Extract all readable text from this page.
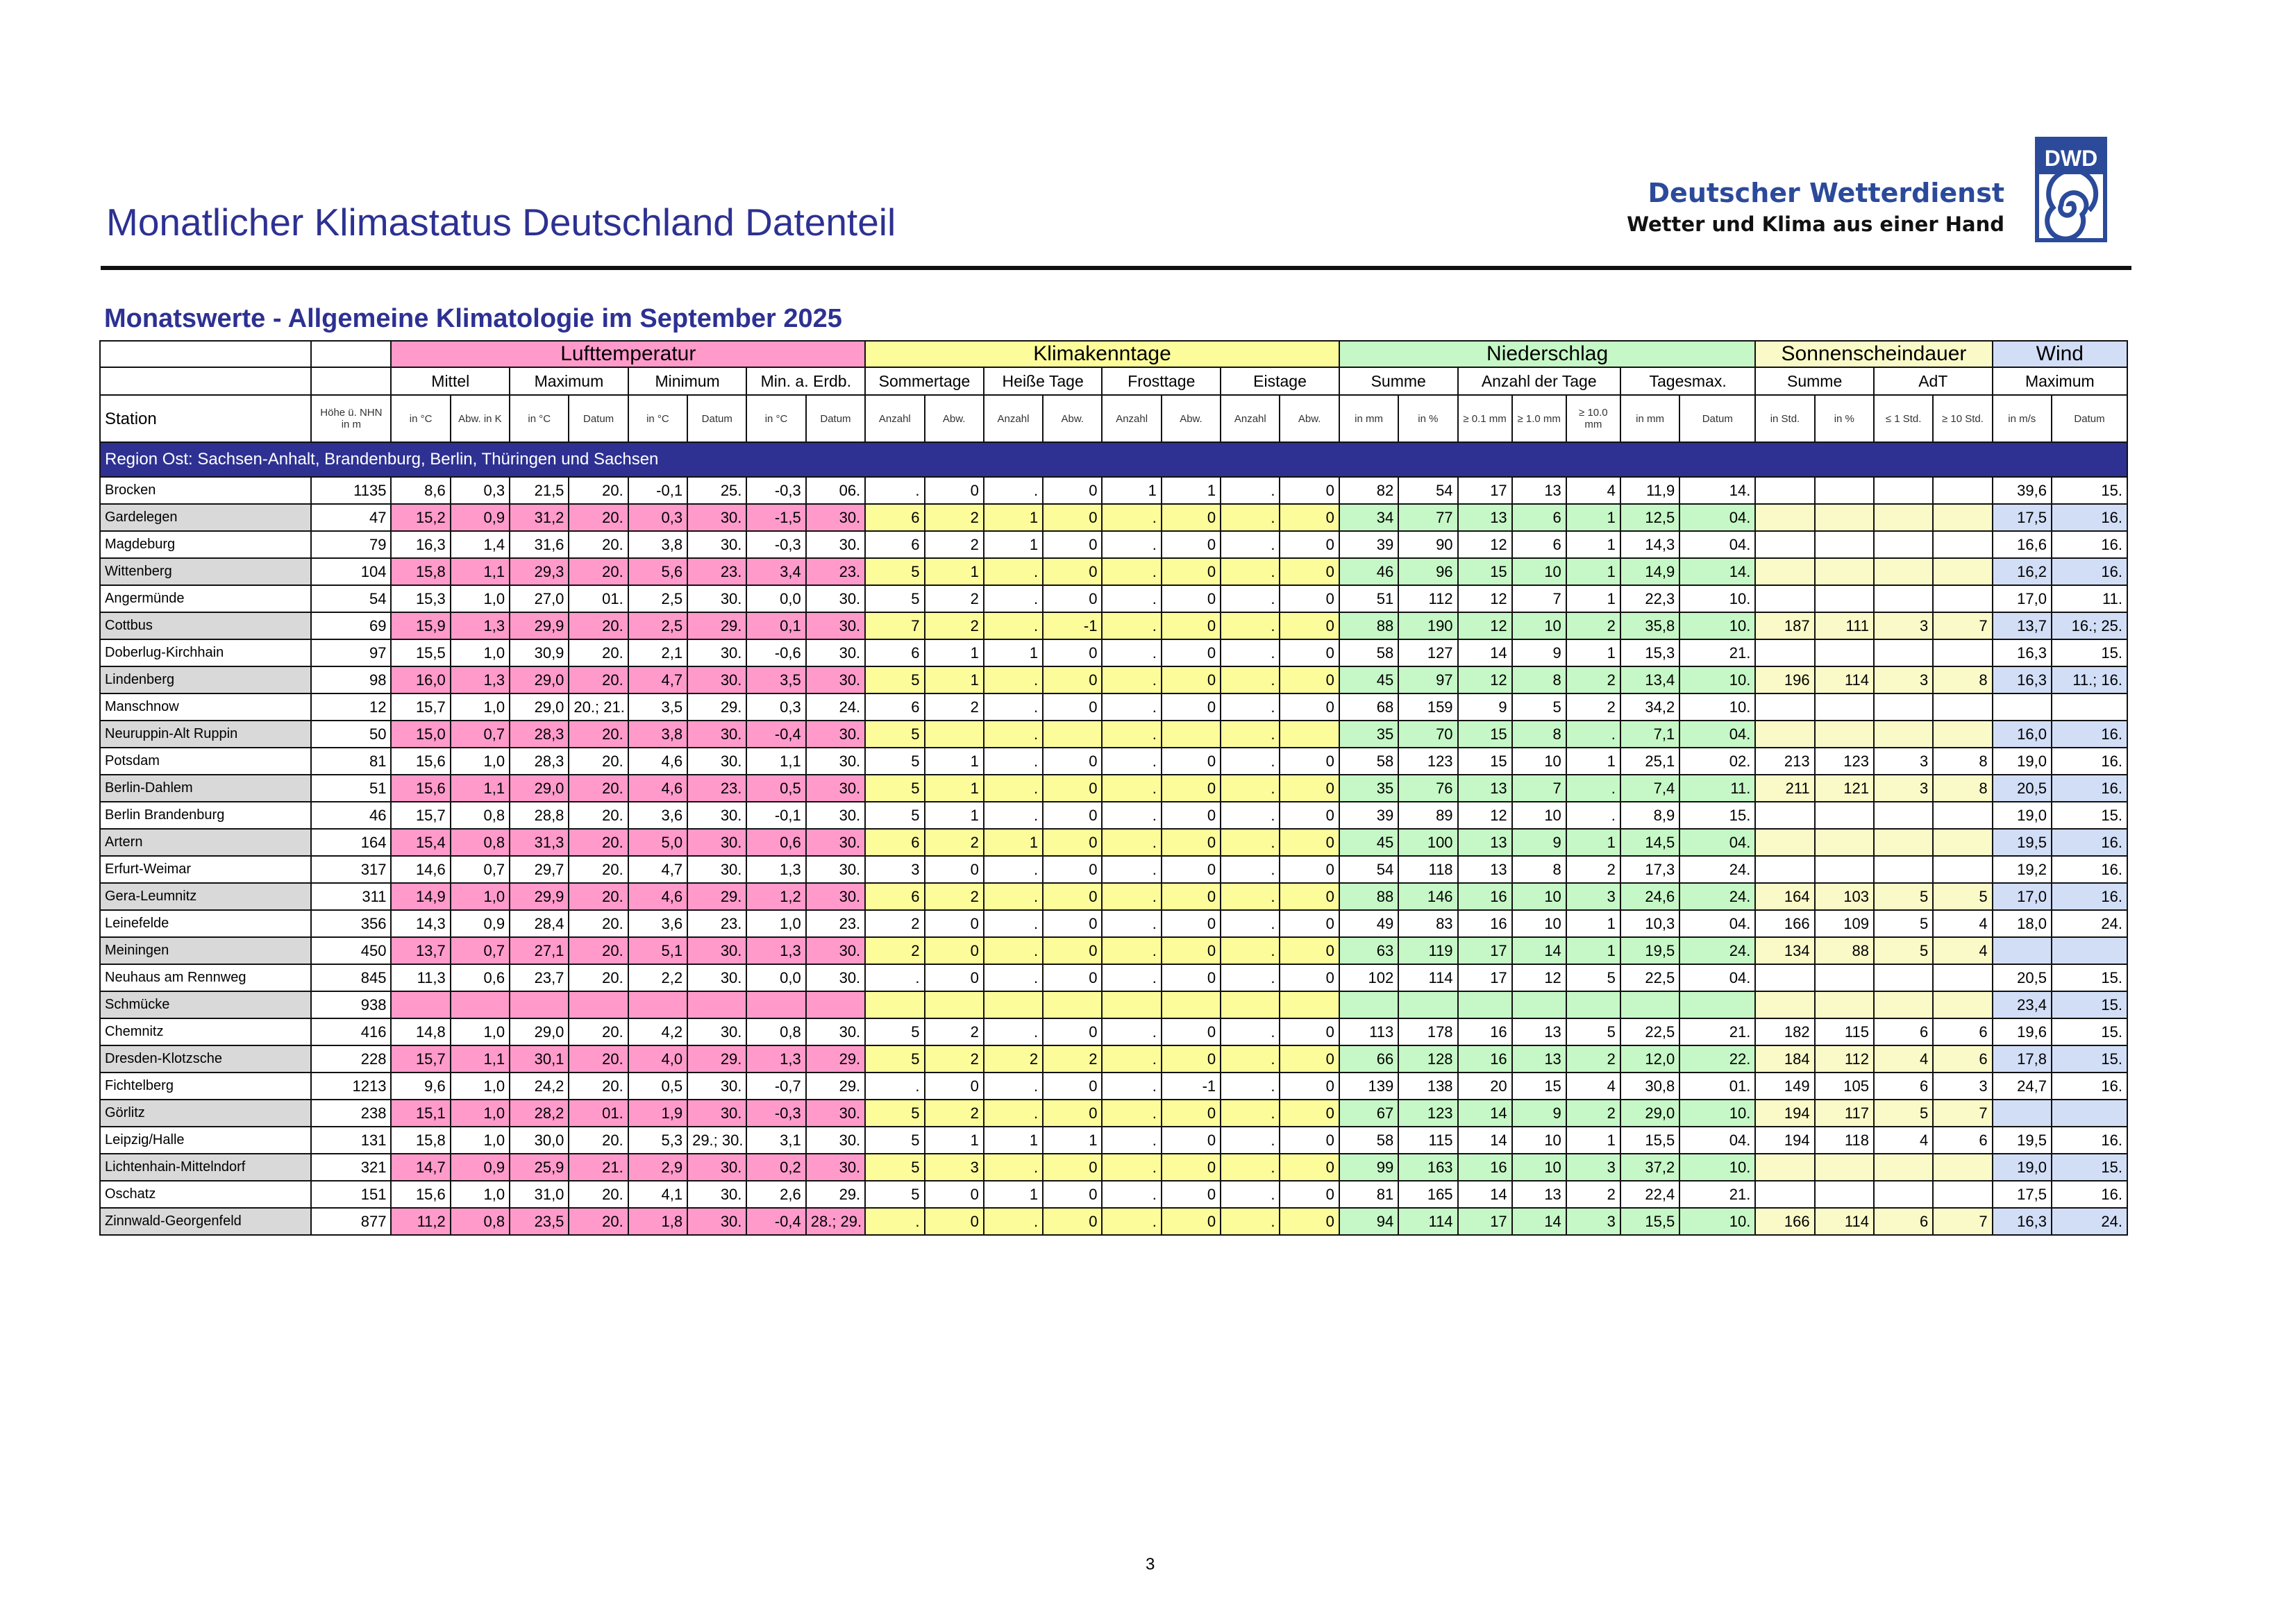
Monatlicher Klimastatus Deutschland Datenteil
Deutscher Wetterdienst
Wetter und Klima aus einer Hand
DWD
Monatswerte - Allgemeine Klimatologie im September 2025
		Lufttemperatur								Klimakenntage								Niederschlag							Sonnenscheindauer				Wind	
		Mittel		Maximum		Minimum		Min. a. Erdb.		Sommertage		Heiße Tage		Frosttage		Eistage		Summe		Anzahl der Tage			Tagesmax.		Summe		AdT		Maximum	
Station	Höhe ü. NHN in m	in °C	Abw. in K	in °C	Datum	in °C	Datum	in °C	Datum	Anzahl	Abw.	Anzahl	Abw.	Anzahl	Abw.	Anzahl	Abw.	in mm	in %	≥ 0.1 mm	≥ 1.0 mm	≥ 10.0 mm	in mm	Datum	in Std.	in %	≤ 1 Std.	≥ 10 Std.	in m/s	Datum
Region Ost: Sachsen-Anhalt, Brandenburg, Berlin, Thüringen und Sachsen																														
Brocken	1135	8,6	0,3	21,5	20.	-0,1	25.	-0,3	06.	.	0	.	0	1	1	.	0	82	54	17	13	4	11,9	14.					39,6	15.
Gardelegen	47	15,2	0,9	31,2	20.	0,3	30.	-1,5	30.	6	2	1	0	.	0	.	0	34	77	13	6	1	12,5	04.					17,5	16.
Magdeburg	79	16,3	1,4	31,6	20.	3,8	30.	-0,3	30.	6	2	1	0	.	0	.	0	39	90	12	6	1	14,3	04.					16,6	16.
Wittenberg	104	15,8	1,1	29,3	20.	5,6	23.	3,4	23.	5	1	.	0	.	0	.	0	46	96	15	10	1	14,9	14.					16,2	16.
Angermünde	54	15,3	1,0	27,0	01.	2,5	30.	0,0	30.	5	2	.	0	.	0	.	0	51	112	12	7	1	22,3	10.					17,0	11.
Cottbus	69	15,9	1,3	29,9	20.	2,5	29.	0,1	30.	7	2	.	-1	.	0	.	0	88	190	12	10	2	35,8	10.	187	111	3	7	13,7	16.; 25.
Doberlug-Kirchhain	97	15,5	1,0	30,9	20.	2,1	30.	-0,6	30.	6	1	1	0	.	0	.	0	58	127	14	9	1	15,3	21.					16,3	15.
Lindenberg	98	16,0	1,3	29,0	20.	4,7	30.	3,5	30.	5	1	.	0	.	0	.	0	45	97	12	8	2	13,4	10.	196	114	3	8	16,3	11.; 16.
Manschnow	12	15,7	1,0	29,0	20.; 21.	3,5	29.	0,3	24.	6	2	.	0	.	0	.	0	68	159	9	5	2	34,2	10.						
Neuruppin-Alt Ruppin	50	15,0	0,7	28,3	20.	3,8	30.	-0,4	30.	5		.		.		.		35	70	15	8	.	7,1	04.					16,0	16.
Potsdam	81	15,6	1,0	28,3	20.	4,6	30.	1,1	30.	5	1	.	0	.	0	.	0	58	123	15	10	1	25,1	02.	213	123	3	8	19,0	16.
Berlin-Dahlem	51	15,6	1,1	29,0	20.	4,6	23.	0,5	30.	5	1	.	0	.	0	.	0	35	76	13	7	.	7,4	11.	211	121	3	8	20,5	16.
Berlin Brandenburg	46	15,7	0,8	28,8	20.	3,6	30.	-0,1	30.	5	1	.	0	.	0	.	0	39	89	12	10	.	8,9	15.					19,0	15.
Artern	164	15,4	0,8	31,3	20.	5,0	30.	0,6	30.	6	2	1	0	.	0	.	0	45	100	13	9	1	14,5	04.					19,5	16.
Erfurt-Weimar	317	14,6	0,7	29,7	20.	4,7	30.	1,3	30.	3	0	.	0	.	0	.	0	54	118	13	8	2	17,3	24.					19,2	16.
Gera-Leumnitz	311	14,9	1,0	29,9	20.	4,6	29.	1,2	30.	6	2	.	0	.	0	.	0	88	146	16	10	3	24,6	24.	164	103	5	5	17,0	16.
Leinefelde	356	14,3	0,9	28,4	20.	3,6	23.	1,0	23.	2	0	.	0	.	0	.	0	49	83	16	10	1	10,3	04.	166	109	5	4	18,0	24.
Meiningen	450	13,7	0,7	27,1	20.	5,1	30.	1,3	30.	2	0	.	0	.	0	.	0	63	119	17	14	1	19,5	24.	134	88	5	4		
Neuhaus am Rennweg	845	11,3	0,6	23,7	20.	2,2	30.	0,0	30.	.	0	.	0	.	0	.	0	102	114	17	12	5	22,5	04.					20,5	15.
Schmücke	938																												23,4	15.
Chemnitz	416	14,8	1,0	29,0	20.	4,2	30.	0,8	30.	5	2	.	0	.	0	.	0	113	178	16	13	5	22,5	21.	182	115	6	6	19,6	15.
Dresden-Klotzsche	228	15,7	1,1	30,1	20.	4,0	29.	1,3	29.	5	2	2	2	.	0	.	0	66	128	16	13	2	12,0	22.	184	112	4	6	17,8	15.
Fichtelberg	1213	9,6	1,0	24,2	20.	0,5	30.	-0,7	29.	.	0	.	0	.	-1	.	0	139	138	20	15	4	30,8	01.	149	105	6	3	24,7	16.
Görlitz	238	15,1	1,0	28,2	01.	1,9	30.	-0,3	30.	5	2	.	0	.	0	.	0	67	123	14	9	2	29,0	10.	194	117	5	7		
Leipzig/Halle	131	15,8	1,0	30,0	20.	5,3	29.; 30.	3,1	30.	5	1	1	1	.	0	.	0	58	115	14	10	1	15,5	04.	194	118	4	6	19,5	16.
Lichtenhain-Mittelndorf	321	14,7	0,9	25,9	21.	2,9	30.	0,2	30.	5	3	.	0	.	0	.	0	99	163	16	10	3	37,2	10.					19,0	15.
Oschatz	151	15,6	1,0	31,0	20.	4,1	30.	2,6	29.	5	0	1	0	.	0	.	0	81	165	14	13	2	22,4	21.					17,5	16.
Zinnwald-Georgenfeld	877	11,2	0,8	23,5	20.	1,8	30.	-0,4	28.; 29.	.	0	.	0	.	0	.	0	94	114	17	14	3	15,5	10.	166	114	6	7	16,3	24.
3
